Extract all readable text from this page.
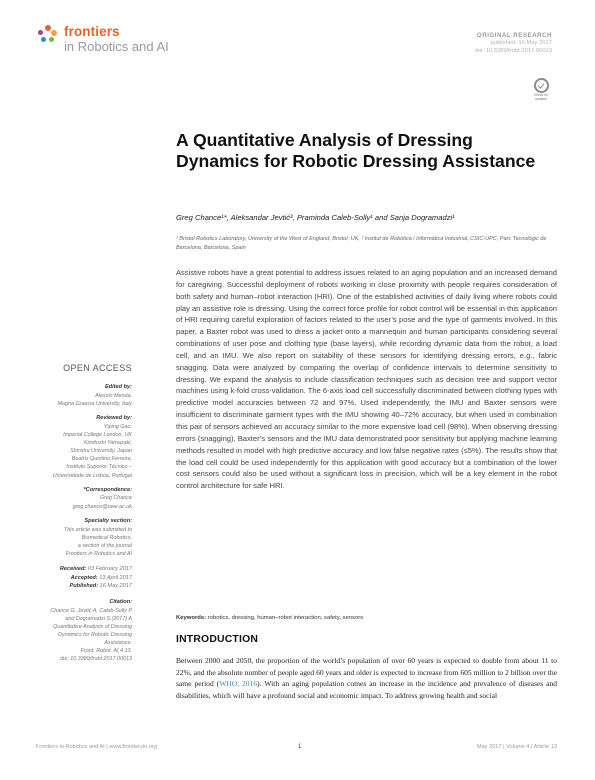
frontiers
in Robotics and AI
ORIGINAL RESEARCH
published: 16 May 2017
doi: 10.3389/frobt.2017.00013
Check for updates
A Quantitative Analysis of Dressing Dynamics for Robotic Dressing Assistance
Greg Chance¹*, Aleksandar Jevtić², Praminda Caleb-Solly¹ and Sanja Dogramadzi¹
¹ Bristol Robotics Laboratory, University of the West of England, Bristol, UK, ² Institut de Robòtica i Informàtica Industrial, CSIC-UPC, Parc Tecnològic de Barcelona, Barcelona, Spain

Assistive robots have a great potential to address issues related to an aging population and an increased demand for caregiving. Successful deployment of robots working in close proximity with people requires consideration of both safety and human–robot interaction (HRI). One of the established activities of daily living where robots could play an assistive role is dressing. Using the correct force profile for robot control will be essential in this application of HRI requiring careful exploration of factors related to the user’s pose and the type of garments involved. In this paper, a Baxter robot was used to dress a jacket onto a mannequin and human participants considering several combinations of user pose and clothing type (base layers), while recording dynamic data from the robot, a load cell, and an IMU. We also report on suitability of these sensors for identifying dressing errors, e.g., fabric snagging. Data were analyzed by comparing the overlap of confidence intervals to determine sensitivity to dressing. We expand the analysis to include classification techniques such as decision tree and support vector machines using k-fold cross-validation. The 6-axis load cell successfully discriminated between clothing types with predictive model accuracies between 72 and 97%. Used independently, the IMU and Baxter sensors were insufficient to discriminate garment types with the IMU showing 40–72% accuracy, but when used in combination this pair of sensors achieved an accuracy similar to the more expensive load cell (98%). When observing dressing errors (snagging), Baxter’s sensors and the IMU data demonstrated poor sensitivity but applying machine learning methods resulted in model with high predictive accuracy and low false negative rates (≤5%). The results show that the load cell could be used independently for this application with good accuracy but a combination of the lower cost sensors could also be used without a significant loss in precision, which will be a key element in the robot control architecture for safe HRI.

Keywords: robotics, dressing, human–robot interaction, safety, sensors
INTRODUCTION

Between 2000 and 2050, the proportion of the world’s population of over 60 years is expected to double from about 11 to 22%, and the absolute number of people aged 60 years and older is expected to increase from 605 million to 2 billion over the same period (WHO, 2016). With an aging population comes an increase in the incidence and prevalence of diseases and disabilities, which will have a profound social and economic impact. To address growing health and social

OPEN ACCESS
Edited by:
Alessio Merola,
Magna Graecia University, Italy
Reviewed by:
Yiping Gao,
Imperial College London, UK
Kimitoshi Yamazaki,
Shinshu University, Japan
Beatriz Quintino Ferreira,
Instituto Superior Técnico –
Universidade de Lisboa, Portugal
*Correspondence:
Greg Chance
greg.chance@uwe.ac.uk
Specialty section:
This article was submitted to
Biomedical Robotics,
a section of the journal
Frontiers in Robotics and AI
Received: 03 February 2017
Accepted: 13 April 2017
Published: 16 May 2017
Citation:
Chance G, Jevtić A, Caleb-Solly P
and Dogramadzi S (2017) A
Quantitative Analysis of Dressing
Dynamics for Robotic Dressing
Assistance.
Front. Robot. AI 4:13.
doi: 10.3389/frobt.2017.00013
Frontiers in Robotics and AI | www.frontiersin.org	1	May 2017 | Volume 4 | Article 13
